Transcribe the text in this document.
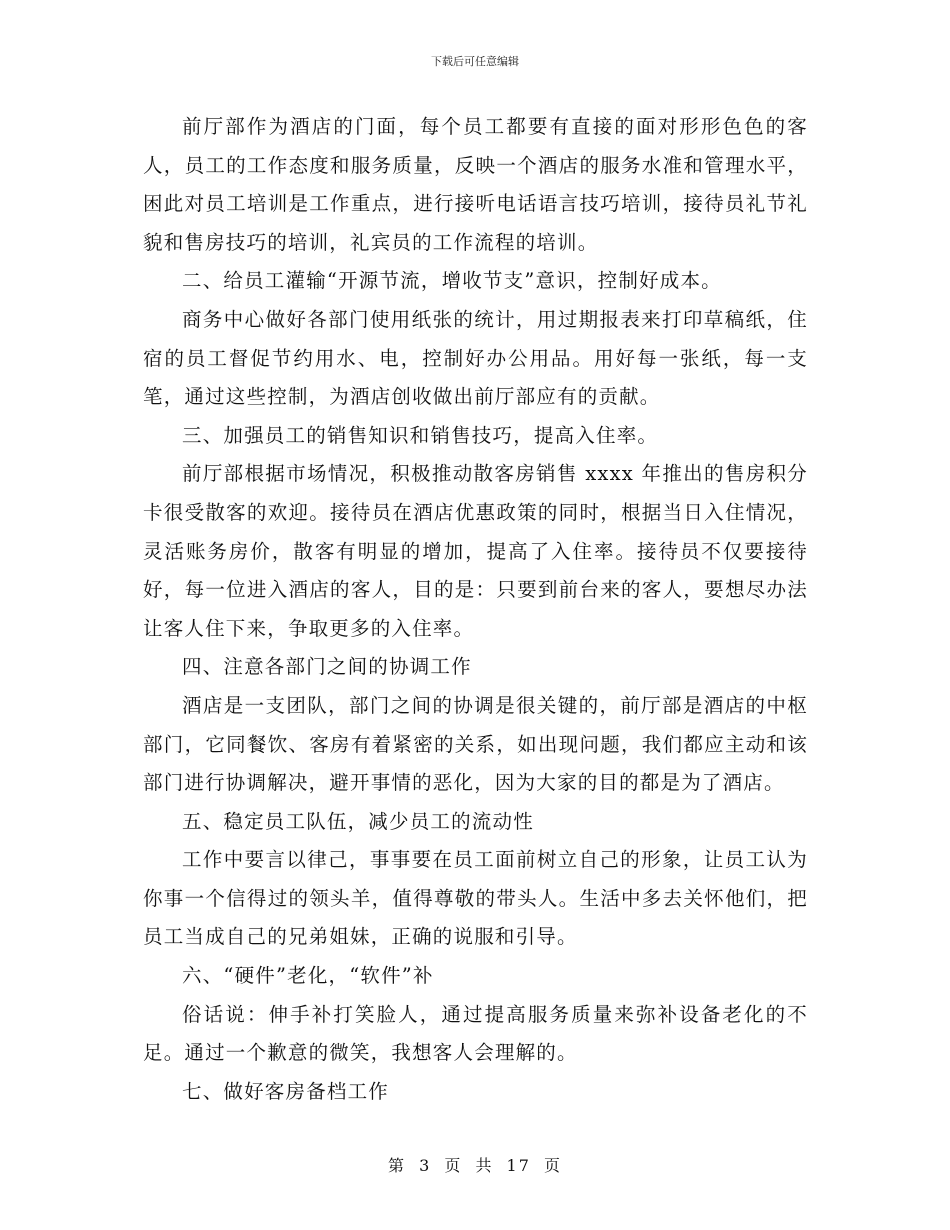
下载后可任意编辑

前厅部作为酒店的门面，每个员工都要有直接的面对形形色色的客人，员工的工作态度和服务质量，反映一个酒店的服务水准和管理水平，困此对员工培训是工作重点，进行接听电话语言技巧培训，接待员礼节礼貌和售房技巧的培训，礼宾员的工作流程的培训。

二、给员工灌输“开源节流，增收节支”意识，控制好成本。

商务中心做好各部门使用纸张的统计，用过期报表来打印草稿纸，住宿的员工督促节约用水、电，控制好办公用品。用好每一张纸，每一支笔，通过这些控制，为酒店创收做出前厅部应有的贡献。

三、加强员工的销售知识和销售技巧，提高入住率。

前厅部根据市场情况，积极推动散客房销售 xxxx 年推出的售房积分卡很受散客的欢迎。接待员在酒店优惠政策的同时，根据当日入住情况，灵活账务房价，散客有明显的增加，提高了入住率。接待员不仅要接待好，每一位进入酒店的客人，目的是：只要到前台来的客人，要想尽办法让客人住下来，争取更多的入住率。

四、注意各部门之间的协调工作

酒店是一支团队，部门之间的协调是很关键的，前厅部是酒店的中枢部门，它同餐饮、客房有着紧密的关系，如出现问题，我们都应主动和该部门进行协调解决，避开事情的恶化，因为大家的目的都是为了酒店。

五、稳定员工队伍，减少员工的流动性

工作中要言以律己，事事要在员工面前树立自己的形象，让员工认为你事一个信得过的领头羊，值得尊敬的带头人。生活中多去关怀他们，把员工当成自己的兄弟姐妹，正确的说服和引导。

六、“硬件”老化，“软件”补

俗话说：伸手补打笑脸人，通过提高服务质量来弥补设备老化的不足。通过一个歉意的微笑，我想客人会理解的。

七、做好客房备档工作

第 3 页 共 17 页
